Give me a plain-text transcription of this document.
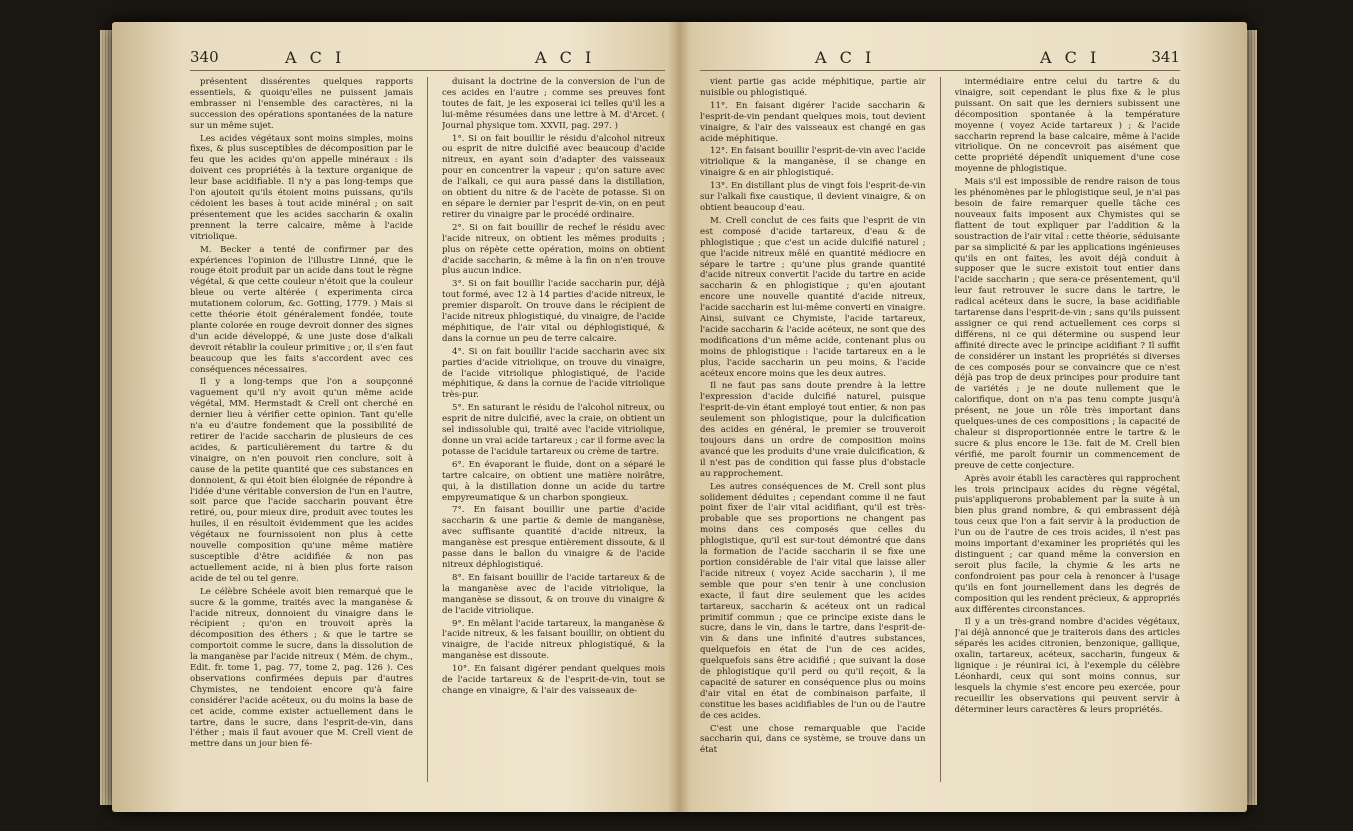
340	A C I	A C I

présentent dissérentes quelques rapports essentiels, & quoiqu'elles ne puissent jamais embrasser ni l'ensemble des caractères, ni la succession des opérations spontanées de la nature sur un même sujet.

Les acides végétaux sont moins simples, moins fixes, & plus susceptibles de décomposition par le feu que les acides qu'on appelle minéraux : ils doivent ces propriétés à la texture organique de leur base acidifiable. Il n'y a pas long-temps que l'on ajoutoit qu'ils étoient moins puissans, qu'ils cédoient les bases à tout acide minéral ; on sait présentement que les acides saccharin & oxalin prennent la terre calcaire, même à l'acide vitriolique.

M. Becker a tenté de confirmer par des expériences l'opinion de l'illustre Linné, que le rouge étoit produit par un acide dans tout le règne végétal, & que cette couleur n'étoit que la couleur bleue ou verte altérée ( experimenta circa mutationem colorum, &c. Gotting, 1779. ) Mais si cette théorie étoit généralement fondée, toute plante colorée en rouge devroit donner des signes d'un acide développé, & une juste dose d'alkali devroit rétablir la couleur primitive ; or, il s'en faut beaucoup que les faits s'accordent avec ces conséquences nécessaires.

Il y a long-temps que l'on a soupçonné vaguement qu'il n'y avoit qu'un même acide végétal, MM. Hermstadt & Crell ont cherché en dernier lieu à vérifier cette opinion. Tant qu'elle n'a eu d'autre fondement que la possibilité de retirer de l'acide saccharin de plusieurs de ces acides, & particulièrement du tartre & du vinaigre, on n'en pouvoit rien conclure, soit à cause de la petite quantité que ces substances en donnoient, & qui étoit bien éloignée de répondre à l'idée d'une véritable conversion de l'un en l'autre, soit parce que l'acide saccharin pouvant être retiré, ou, pour mieux dire, produit avec toutes les huiles, il en résultoit évidemment que les acides végétaux ne fournissoient non plus à cette nouvelle composition qu'une même matière susceptible d'être acidifiée & non pas actuellement acide, ni à bien plus forte raison acide de tel ou tel genre.

Le célèbre Schéele avoit bien remarqué que le sucre & la gomme, traités avec la manganèse & l'acide nitreux, donnoient du vinaigre dans le récipient ; qu'on en trouvoit après la décomposition des éthers ; & que le tartre se comportoit comme le sucre, dans la dissolution de la manganèse par l'acide nitreux ( Mém. de chym., Edit. fr. tome 1, pag. 77, tome 2, pag. 126 ). Ces observations confirmées depuis par d'autres Chymistes, ne tendoient encore qu'à faire considérer l'acide acéteux, ou du moins la base de cet acide, comme exister actuellement dans le tartre, dans le sucre, dans l'esprit-de-vin, dans l'éther ; mais il faut avouer que M. Crell vient de mettre dans un jour bien fé-

duisant la doctrine de la conversion de l'un de ces acides en l'autre ; comme ses preuves font toutes de fait, je les exposerai ici telles qu'il les a lui-même résumées dans une lettre à M. d'Arcet. ( Journal physique tom. XXVII, pag. 297. )

1°. Si on fait bouillir le résidu d'alcohol nitreux ou esprit de nitre dulcifié avec beaucoup d'acide nitreux, en ayant soin d'adapter des vaisseaux pour en concentrer la vapeur ; qu'on sature avec de l'alkali, ce qui aura passé dans la distillation, on obtient du nitre & de l'acète de potasse. Si on en sépare le dernier par l'esprit de-vin, on en peut retirer du vinaigre par le procédé ordinaire.

2°. Si on fait bouillir de rechef le résidu avec l'acide nitreux, on obtient les mêmes produits ; plus on répète cette opération, moins on obtient d'acide saccharin, & même à la fin on n'en trouve plus aucun indice.

3°. Si on fait bouillir l'acide saccharin pur, déjà tout formé, avec 12 à 14 parties d'acide nitreux, le premier disparoît. On trouve dans le récipient de l'acide nitreux phlogistiqué, du vinaigre, de l'acide méphitique, de l'air vital ou déphlogistiqué, & dans la cornue un peu de terre calcaire.

4°. Si on fait bouillir l'acide saccharin avec six parties d'acide vitriolique, on trouve du vinaigre, de l'acide vitriolique phlogistiqué, de l'acide méphitique, & dans la cornue de l'acide vitriolique très-pur.

5°. En saturant le résidu de l'alcohol nitreux, ou esprit de nitre dulcifié, avec la craie, on obtient un sel indissoluble qui, traité avec l'acide vitriolique, donne un vrai acide tartareux ; car il forme avec la potasse de l'acidule tartareux ou crème de tartre.

6°. En évaporant le fluide, dont on a séparé le tartre calcaire, on obtient une matière noirâtre, qui, à la distillation donne un acide du tartre empyreumatique & un charbon spongieux.

7°. En faisant bouillir une partie d'acide saccharin & une partie & demie de manganèse, avec suffisante quantité d'acide nitreux, la manganèse est presque entièrement dissoute, & il passe dans le ballon du vinaigre & de l'acide nitreux déphlogistiqué.

8°. En faisant bouillir de l'acide tartareux & de la manganèse avec de l'acide vitriolique, la manganèse se dissout, & on trouve du vinaigre & de l'acide vitriolique.

9°. En mêlant l'acide tartareux, la manganèse & l'acide nitreux, & les faisant bouillir, on obtient du vinaigre, de l'acide nitreux phlogistiqué, & la manganèse est dissoute.

10°. En faisant digérer pendant quelques mois de l'acide tartareux & de l'esprit-de-vin, tout se change en vinaigre, & l'air des vaisseaux de-

A C I	A C I	341

vient partie gas acide méphitique, partie air nuisible ou phlogistiqué.

11°. En faisant digérer l'acide saccharin & l'esprit-de-vin pendant quelques mois, tout devient vinaigre, & l'air des vaisseaux est changé en gas acide méphitique.

12°. En faisant bouillir l'esprit-de-vin avec l'acide vitriolique & la manganèse, il se change en vinaigre & en air phlogistiqué.

13°. En distillant plus de vingt fois l'esprit-de-vin sur l'alkali fixe caustique, il devient vinaigre, & on obtient beaucoup d'eau.

M. Crell conclut de ces faits que l'esprit de vin est composé d'acide tartareux, d'eau & de phlogistique ; que c'est un acide dulcifié naturel ; que l'acide nitreux mêlé en quantité médiocre en sépare le tartre ; qu'une plus grande quantité d'acide nitreux convertit l'acide du tartre en acide saccharin & en phlogistique ; qu'en ajoutant encore une nouvelle quantité d'acide nitreux, l'acide saccharin est lui-même converti en vinaigre. Ainsi, suivant ce Chymiste, l'acide tartareux, l'acide saccharin & l'acide acéteux, ne sont que des modifications d'un même acide, contenant plus ou moins de phlogistique : l'acide tartareux en a le plus, l'acide saccharin un peu moins, & l'acide acéteux encore moins que les deux autres.

Il ne faut pas sans doute prendre à la lettre l'expression d'acide dulcifié naturel, puisque l'esprit-de-vin étant employé tout entier, & non pas seulement son phlogistique, pour la dulcification des acides en général, le premier se trouveroit toujours dans un ordre de composition moins avancé que les produits d'une vraie dulcification, & il n'est pas de condition qui fasse plus d'obstacle au rapprochement.

Les autres conséquences de M. Crell sont plus solidement déduites ; cependant comme il ne faut point fixer de l'air vital acidifiant, qu'il est très-probable que ses proportions ne changent pas moins dans ces composés que celles du phlogistique, qu'il est sur-tout démontré que dans la formation de l'acide saccharin il se fixe une portion considérable de l'air vital que laisse aller l'acide nitreux ( voyez Acide saccharin ), il me semble que pour s'en tenir à une conclusion exacte, il faut dire seulement que les acides tartareux, saccharin & acéteux ont un radical primitif commun ; que ce principe existe dans le sucre, dans le vin, dans le tartre, dans l'esprit-de-vin & dans une infinité d'autres substances, quelquefois en état de l'un de ces acides, quelquefois sans être acidifié ; que suivant la dose de phlogistique qu'il perd ou qu'il reçoit, & la capacité de saturer en conséquence plus ou moins d'air vital en état de combinaison parfaite, il constitue les bases acidifiables de l'un ou de l'autre de ces acides.

C'est une chose remarquable que l'acide saccharin qui, dans ce système, se trouve dans un état

intermédiaire entre celui du tartre & du vinaigre, soit cependant le plus fixe & le plus puissant. On sait que les derniers subissent une décomposition spontanée à la température moyenne ( voyez Acide tartareux ) ; & l'acide saccharin reprend la base calcaire, même à l'acide vitriolique. On ne concevroit pas aisément que cette propriété dépendît uniquement d'une cose moyenne de phlogistique.

Mais s'il est impossible de rendre raison de tous les phénomènes par le phlogistique seul, je n'ai pas besoin de faire remarquer quelle tâche ces nouveaux faits imposent aux Chymistes qui se flattent de tout expliquer par l'addition & la soustraction de l'air vital : cette théorie, séduisante par sa simplicité & par les applications ingénieuses qu'ils en ont faites, les avoit déjà conduit à supposer que le sucre existoit tout entier dans l'acide saccharin ; que sera-ce présentement, qu'il leur faut retrouver le sucre dans le tartre, le radical acéteux dans le sucre, la base acidifiable tartarense dans l'esprit-de-vin ; sans qu'ils puissent assigner ce qui rend actuellement ces corps si différens, ni ce qui détermine ou suspend leur affinité directe avec le principe acidifiant ? Il suffit de considérer un instant les propriétés si diverses de ces composés pour se convaincre que ce n'est déjà pas trop de deux principes pour produire tant de variétés ; je ne doute nullement que le calorifique, dont on n'a pas tenu compte jusqu'à présent, ne joue un rôle très important dans quelques-unes de ces compositions ; la capacité de chaleur si disproportionnée entre le tartre & le sucre & plus encore le 13e. fait de M. Crell bien vérifié, me paroît fournir un commencement de preuve de cette conjecture.

Après avoir établi les caractères qui rapprochent les trois principaux acides du règne végétal, puis'appliquerons probablement par la suite à un bien plus grand nombre, & qui embrassent déjà tous ceux que l'on a fait servir à la production de l'un ou de l'autre de ces trois acides, il n'est pas moins important d'examiner les propriétés qui les distinguent ; car quand même la conversion en seroit plus facile, la chymie & les arts ne confondroient pas pour cela à renoncer à l'usage qu'ils en font journellement dans les degrés de composition qui les rendent précieux, & appropriés aux différentes circonstances.

Il y a un très-grand nombre d'acides végétaux, J'ai déjà annoncé que je traiterois dans des articles séparés les acides citronien, benzonique, gallique, oxalin, tartareux, acéteux, saccharin, fungeux & lignique : je réunirai ici, à l'exemple du célèbre Léonhardi, ceux qui sont moins connus, sur lesquels la chymie s'est encore peu exercée, pour recueillir les observations qui peuvent servir à déterminer leurs caractères & leurs propriétés.
